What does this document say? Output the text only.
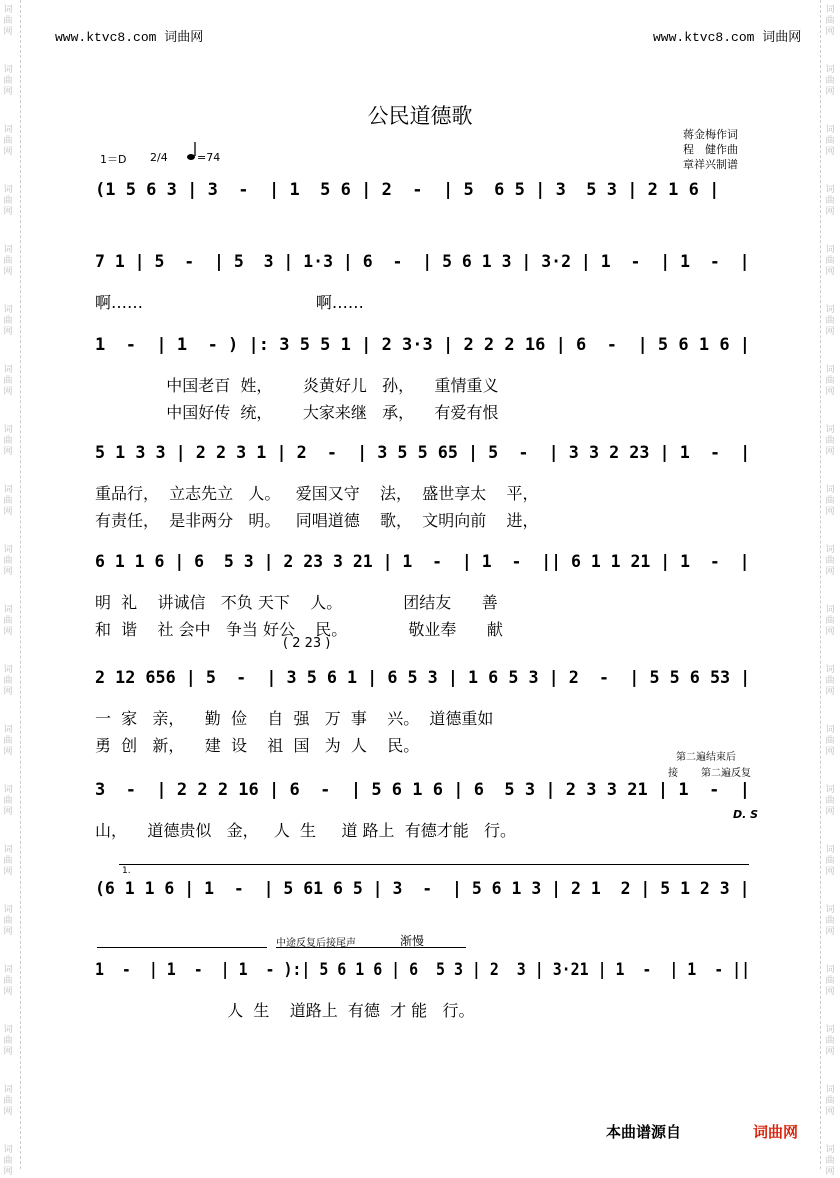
词曲网
词曲网
词曲网
词曲网
词曲网
词曲网
词曲网
词曲网
词曲网
词曲网
词曲网
词曲网
词曲网
词曲网
词曲网
词曲网
词曲网
词曲网
词曲网
词曲网
词曲网
词曲网
词曲网
词曲网
词曲网
词曲网
词曲网
词曲网
词曲网
词曲网
词曲网
词曲网
词曲网
词曲网
词曲网
词曲网
词曲网
词曲网
词曲网
词曲网
www.ktvc8.com 词曲网	www.ktvc8.com 词曲网
公民道德歌
1＝D 2/4	=74
蒋金梅作词
程　健作曲
章祥兴制谱
(1 5 6 3 | 3  -  | 1  5 6 | 2  -  | 5  6 5 | 3  5 3 | 2 1 6 |
7 1 | 5  -  | 5  3 | 1·3 | 6  -  | 5 6 1 3 | 3·2 | 1  -  | 1  -  |
啊……                                  啊……
1  -  | 1  - ) |: 3 5 5 1 | 2 3·3 | 2 2 2 16 | 6  -  | 5 6 1 6 |
中国老百  姓，      炎黄好儿   孙，    重情重义
中国好传  统，      大家来继   承，    有爱有恨
5 1 3 3 | 2 2 3 1 | 2  -  | 3 5 5 65 | 5  -  | 3 3 2 23 | 1  -  |
重品行，  立志先立   人。   爱国又守    法，  盛世享太    平，
有责任，  是非两分   明。   同唱道德    歌，  文明向前    进，
6 1 1 6 | 6  5 3 | 2 23 3 21 | 1  -  | 1  -  || 6 1 1 21 | 1  -  |
明  礼    讲诚信   不负 天下    人。            团结友      善
和  谐    社 会中   争当 好公    民。            敬业奉      献
2 12 656 | 5  -  | 3 5 6 1 | 6 5 3 | 1 6 5 3 | 2  -  | 5 5 6 53 |
一  家   亲，    勤  俭    自  强   万  事    兴。  道德重如
勇  创   新，    建  设    祖  国   为  人    民。
3  -  | 2 2 2 16 | 6  -  | 5 6 1 6 | 6  5 3 | 2 3 3 21 | 1  -  |
山，    道德贵似   金，   人  生     道 路上  有德才能   行。
(6 1 1 6 | 1  -  | 5 61 6 5 | 3  -  | 5 6 1 3 | 2 1  2 | 5 1 2 3 |
1  -  | 1  -  | 1  - ):| 5 6 1 6 | 6  5 3 | 2  3 | 3·21 | 1  -  | 1  - ||
人  生    道路上  有德  才 能   行。
( 2 23 )
第二遍结束后
接 第二遍反复
D. S
1.
中途反复后接尾声	渐慢
本曲谱源自	词曲网
